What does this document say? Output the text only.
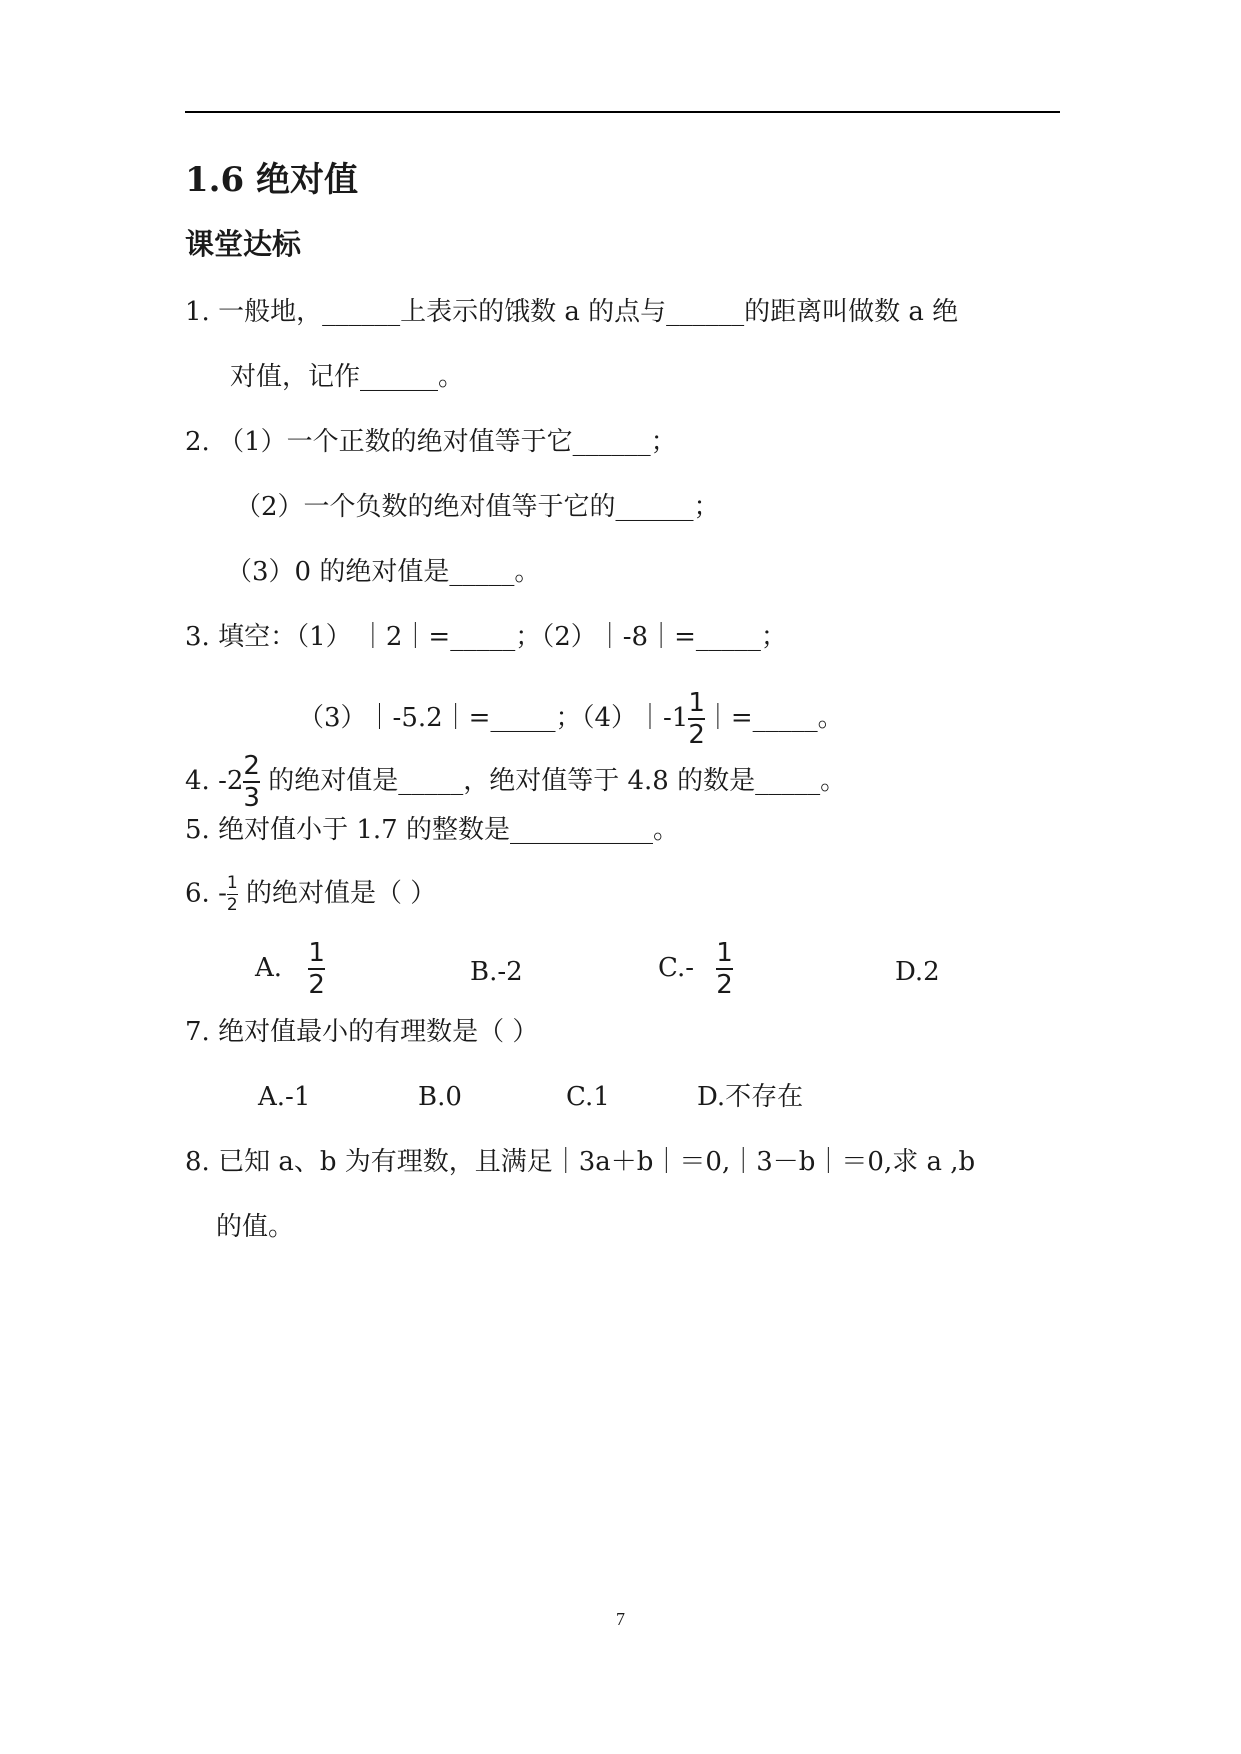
1.6 绝对值
课堂达标
1. 一般地，______上表示的饿数 a 的点与______的距离叫做数 a 绝
对值，记作______。
2. （1）一个正数的绝对值等于它______；
（2）一个负数的绝对值等于它的______；
（3）0 的绝对值是_____。
3. 填空：（1） ｜2｜=_____；（2）｜-8｜=_____；
（3）｜-5.2｜=_____；（4）｜-1 $\frac{1}{2}$ ｜=_____。
4. $-2 \frac{2}{3}$ 的绝对值是_____，绝对值等于 4.8 的数是_____。
5. 绝对值小于 1.7 的整数是___________。
6. - $\frac{1}{2}$ 的绝对值是（ ）
A. $\frac{1}{2}$	B.-2	$C.- \frac{1}{2}$	D.2
7. 绝对值最小的有理数是（ ）
A.-1	B.0	C.1	D.不存在
8. 已知 a、b 为有理数，且满足｜3a＋b｜＝0,｜3－b｜＝0,求 a ,b
的值。
7
